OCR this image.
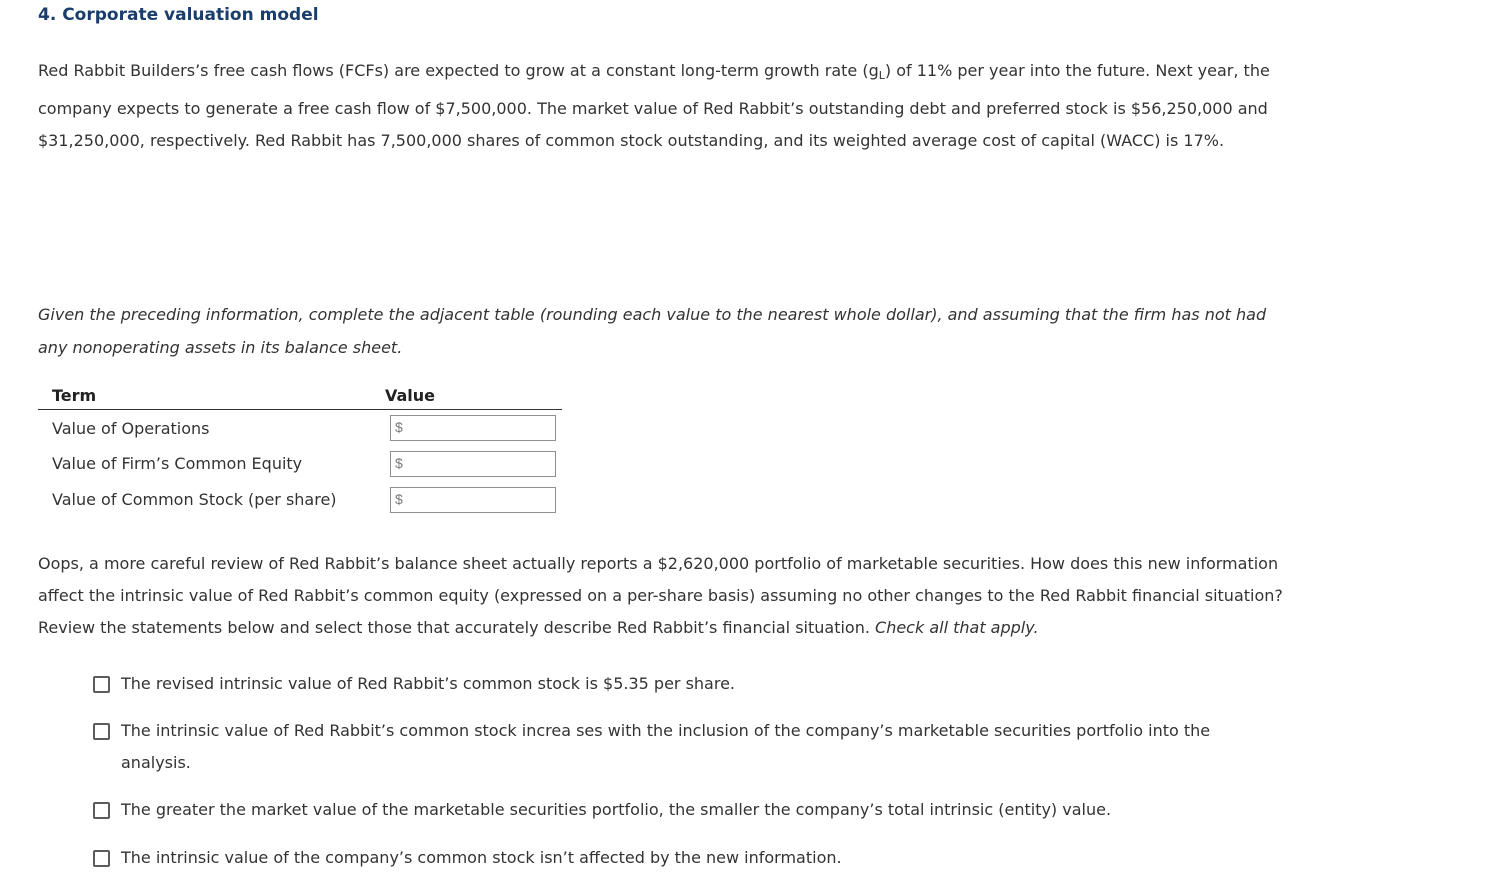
4. Corporate valuation model

Red Rabbit Builders’s free cash flows (FCFs) are expected to grow at a constant long-term growth rate $(g_L)$ of 11% per year into the future. Next year, the company expects to generate a free cash flow of $7,500,000. The market value of Red Rabbit’s outstanding debt and preferred stock is $56,250,000 and $31,250,000, respectively. Red Rabbit has 7,500,000 shares of common stock outstanding, and its weighted average cost of capital (WACC) is 17%.

Given the preceding information, complete the adjacent table (rounding each value to the nearest whole dollar), and assuming that the firm has not had any nonoperating assets in its balance sheet.

Term	Value
Value of Operations	$

Value of Firm’s Common Equity	$

Value of Common Stock (per share)	$

Oops, a more careful review of Red Rabbit’s balance sheet actually reports a $2,620,000 portfolio of marketable securities. How does this new information affect the intrinsic value of Red Rabbit’s common equity (expressed on a per-share basis) assuming no other changes to the Red Rabbit financial situation? Review the statements below and select those that accurately describe Red Rabbit’s financial situation. Check all that apply.

The revised intrinsic value of Red Rabbit’s common stock is $5.35 per share.
The intrinsic value of Red Rabbit’s common stock increa ses with the inclusion of the company’s marketable securities portfolio into the analysis.
The greater the market value of the marketable securities portfolio, the smaller the company’s total intrinsic (entity) value.
The intrinsic value of the company’s common stock isn’t affected by the new information.
